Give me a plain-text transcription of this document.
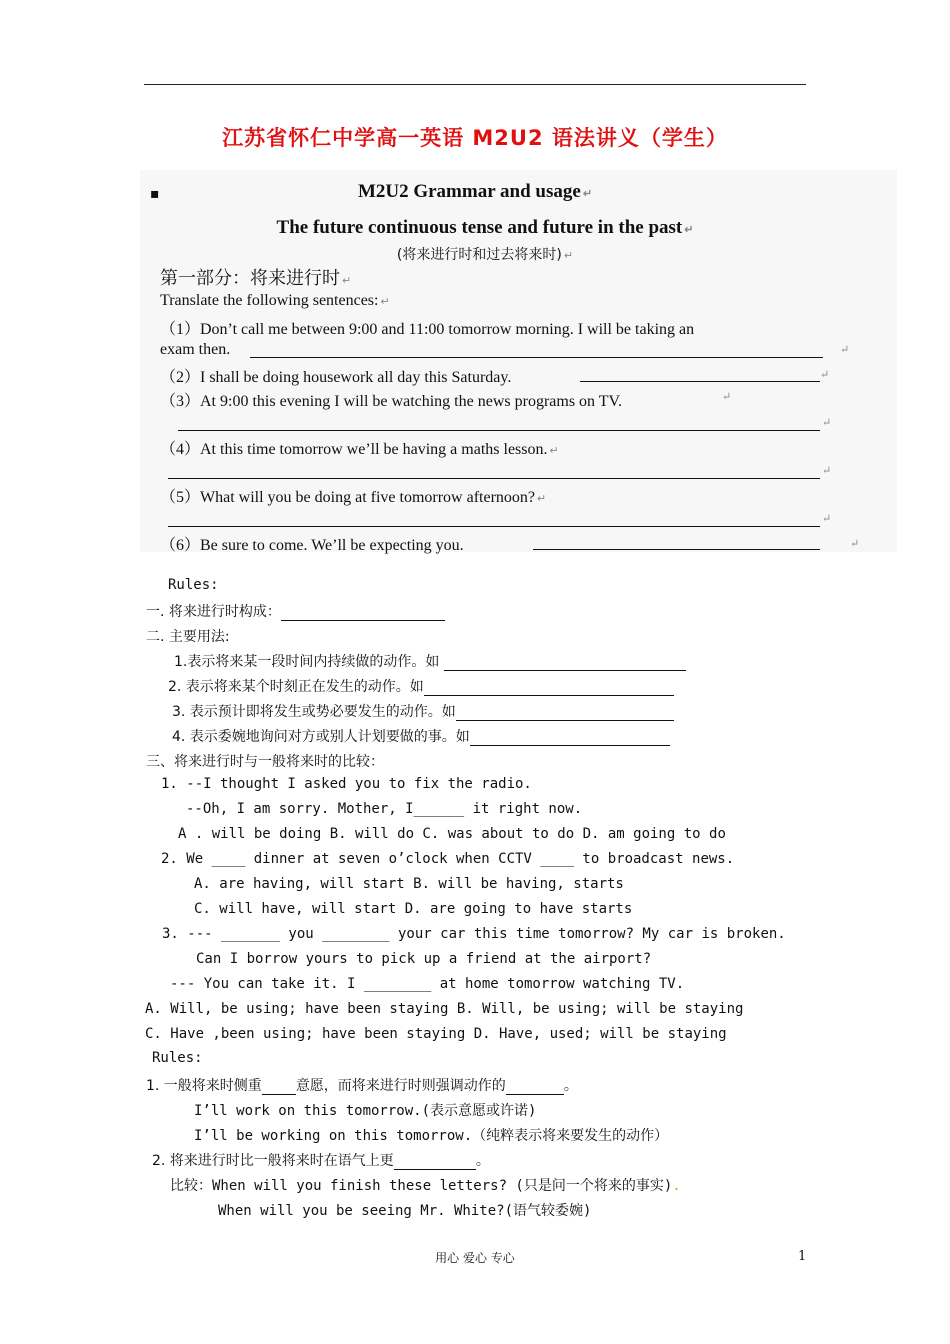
江苏省怀仁中学高一英语 M2U2 语法讲义（学生）
▪	M2U2 Grammar and usage ↵
The future continuous tense and future in the past ↵
(将来进行时和过去将来时) ↵
第一部分：将来进行时 ↵
Translate the following sentences: ↵
（1）Don’t call me between 9:00 and 11:00 tomorrow morning. I will be taking an
exam then.	↵
（2）I shall be doing housework all day this Saturday.	↵
（3）At 9:00 this evening I will be watching the news programs on TV.	↵
↵
（4）At this time tomorrow we’ll be having a maths lesson. ↵
↵
（5）What will you be doing at five tomorrow afternoon? ↵
↵
（6）Be sure to come. We’ll be expecting you.	↵
Rules:
一. 将来进行时构成：
二. 主要用法:
1.表示将来某一段时间内持续做的动作。如
2. 表示将来某个时刻正在发生的动作。如
3. 表示预计即将发生或势必要发生的动作。如
4. 表示委婉地询问对方或别人计划要做的事。如
三、将来进行时与一般将来时的比较：
1. --I thought I asked you to fix the radio.
--Oh, I am sorry. Mother, I______ it right now.
A . will be doing B. will do C. was about to do D. am going to do
2. We ____ dinner at seven o’clock when CCTV ____ to broadcast news.
A. are having, will start B. will be having, starts
C. will have, will start D. are going to have starts
3. --- _______ you ________ your car this time tomorrow? My car is broken.
Can I borrow yours to pick up a friend at the airport?
--- You can take it. I ________ at home tomorrow watching TV.
A. Will, be using; have been staying B. Will, be using; will be staying
C. Have ,been using; have been staying D. Have, used; will be staying
Rules:
1. 一般将来时侧重 意愿，而将来进行时则强调动作的	。
I’ll work on this tomorrow.(表示意愿或许诺)
I’ll be working on this tomorrow.（纯粹表示将来要发生的动作）
2. 将来进行时比一般将来时在语气上更	。
比较：When will you finish these letters? (只是问一个将来的事实).
When will you be seeing Mr. White?(语气较委婉)
用心 爱心 专心	1
